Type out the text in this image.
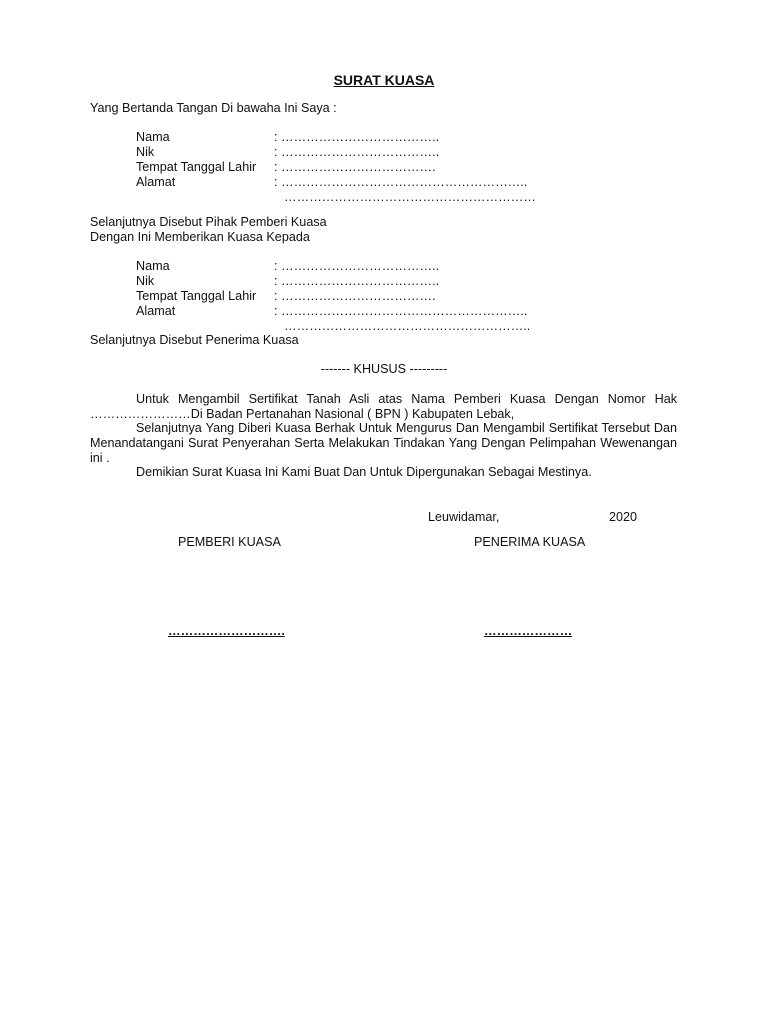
SURAT KUASA
Yang Bertanda Tangan Di bawaha Ini Saya :
Nama	: ………………………………..
Nik	: ………………………………..
Tempat Tanggal Lahir : ……………………………….
Alamat	: …………………………………………………..
……………………………………………………
Selanjutnya Disebut Pihak Pemberi Kuasa
Dengan Ini Memberikan Kuasa Kepada
Nama	: ………………………………..
Nik	: ………………………………..
Tempat Tanggal Lahir : ……………………………….
Alamat	: …………………………………………………..
…………………………………………………..
Selanjutnya Disebut Penerima Kuasa
------- KHUSUS ---------
Untuk Mengambil Sertifikat Tanah Asli atas Nama Pemberi Kuasa Dengan Nomor Hak ……………………Di Badan Pertanahan Nasional ( BPN ) Kabupaten Lebak,
Selanjutnya Yang Diberi Kuasa Berhak Untuk Mengurus Dan Mengambil Sertifikat Tersebut Dan Menandatangani Surat Penyerahan Serta Melakukan Tindakan Yang Dengan Pelimpahan Wewenangan ini .
Demikian Surat Kuasa Ini Kami Buat Dan Untuk Dipergunakan Sebagai Mestinya.
Leuwidamar,	2020
PEMBERI KUASA	PENERIMA KUASA
……………………….	…………………
